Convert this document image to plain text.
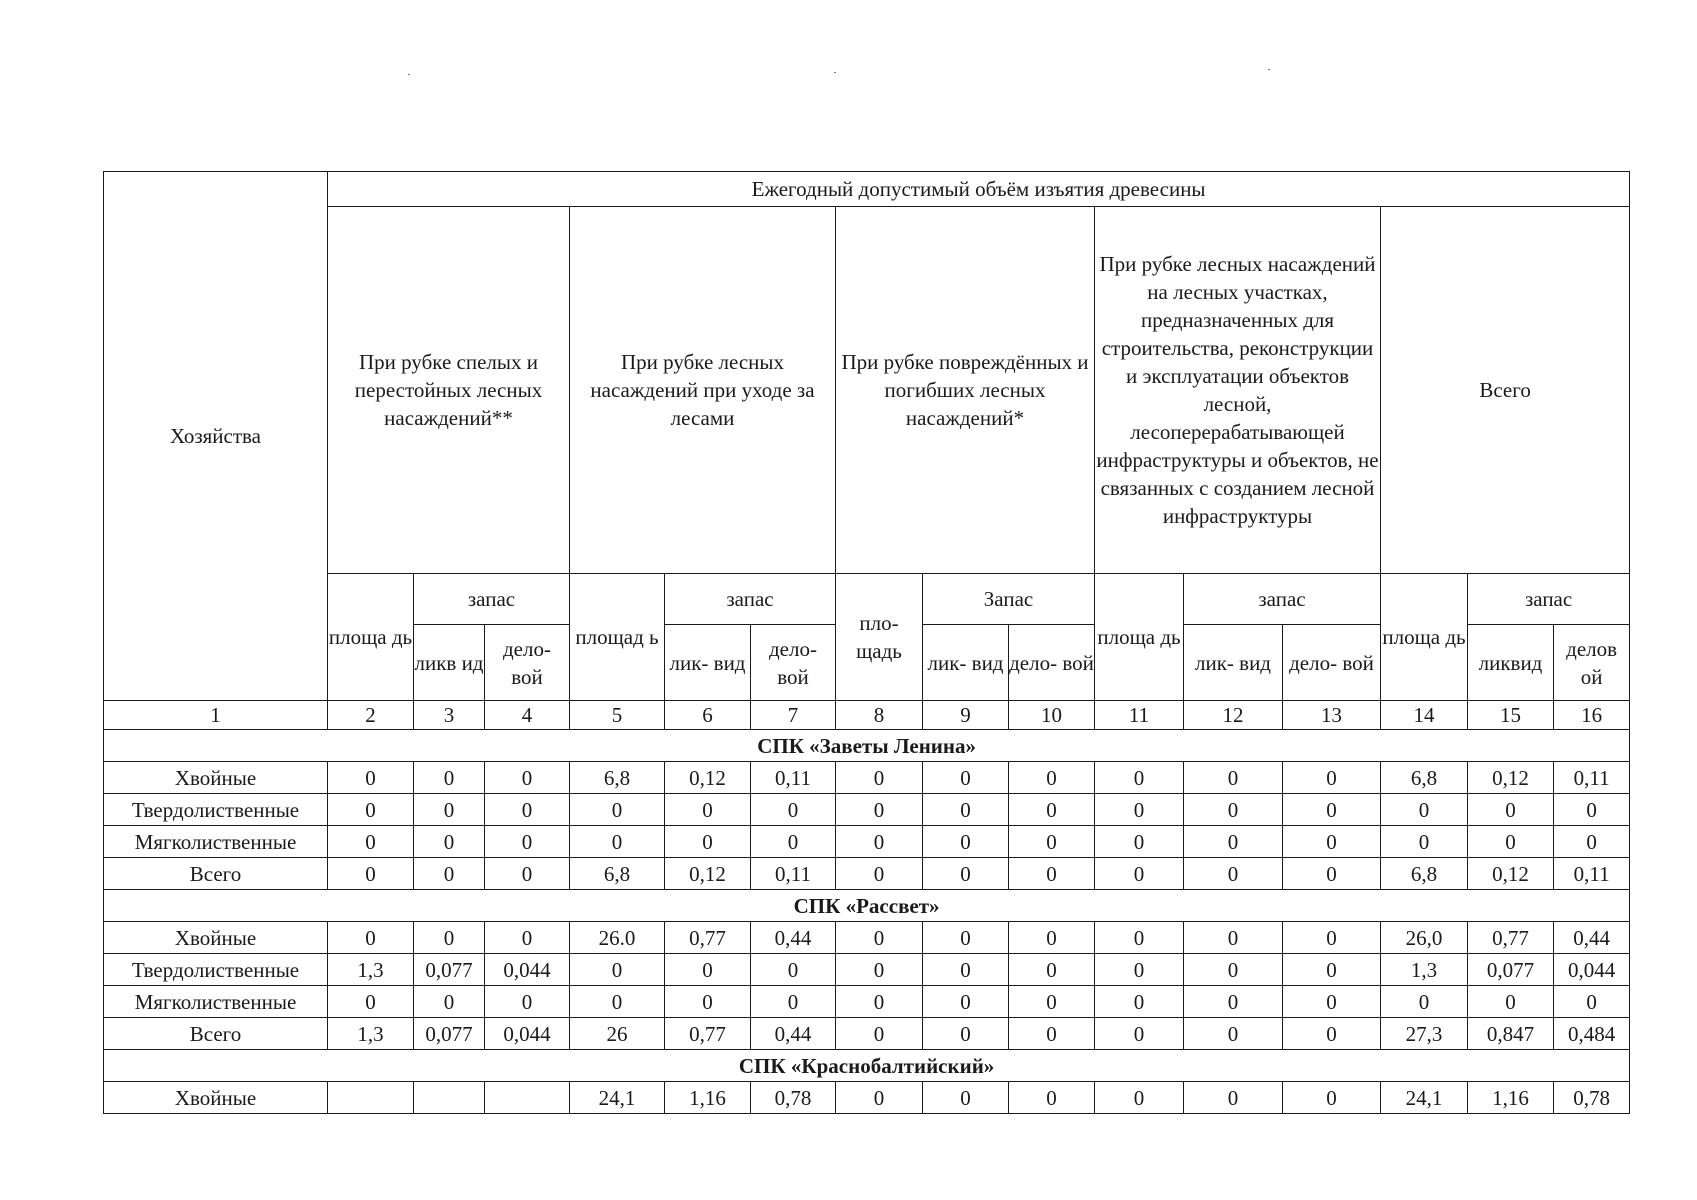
Хозяйства	Ежегодный допустимый объём изъятия древесины														
	При рубке спелых и перестойных лесных насаждений**			При рубке лесных насаждений при уходе за лесами			При рубке повреждённых и погибших лесных насаждений*			При рубке лесных насаждений на лесных участках, предназначенных для строительства, реконструкции и эксплуатации объектов лесной, лесоперерабатывающей инфраструктуры и объектов, не связанных с созданием лесной инфраструктуры			Всего		
	площа дь	запас		площад ь	запас		пло- щадь	Запас		площа дь	запас		площа дь	запас	
		ликв ид	дело- вой		лик- вид	дело- вой		лик- вид	дело- вой		лик- вид	дело- вой		ликвид	делов ой
1	2	3	4	5	6	7	8	9	10	11	12	13	14	15	16
СПК «Заветы Ленина»															
Хвойные	0	0	0	6,8	0,12	0,11	0	0	0	0	0	0	6,8	0,12	0,11
Твердолиственные	0	0	0	0	0	0	0	0	0	0	0	0	0	0	0
Мягколиственные	0	0	0	0	0	0	0	0	0	0	0	0	0	0	0
Всего	0	0	0	6,8	0,12	0,11	0	0	0	0	0	0	6,8	0,12	0,11
СПК «Рассвет»															
Хвойные	0	0	0	26.0	0,77	0,44	0	0	0	0	0	0	26,0	0,77	0,44
Твердолиственные	1,3	0,077	0,044	0	0	0	0	0	0	0	0	0	1,3	0,077	0,044
Мягколиственные	0	0	0	0	0	0	0	0	0	0	0	0	0	0	0
Всего	1,3	0,077	0,044	26	0,77	0,44	0	0	0	0	0	0	27,3	0,847	0,484
СПК «Краснобалтийский»															
Хвойные				24,1	1,16	0,78	0	0	0	0	0	0	24,1	1,16	0,78
